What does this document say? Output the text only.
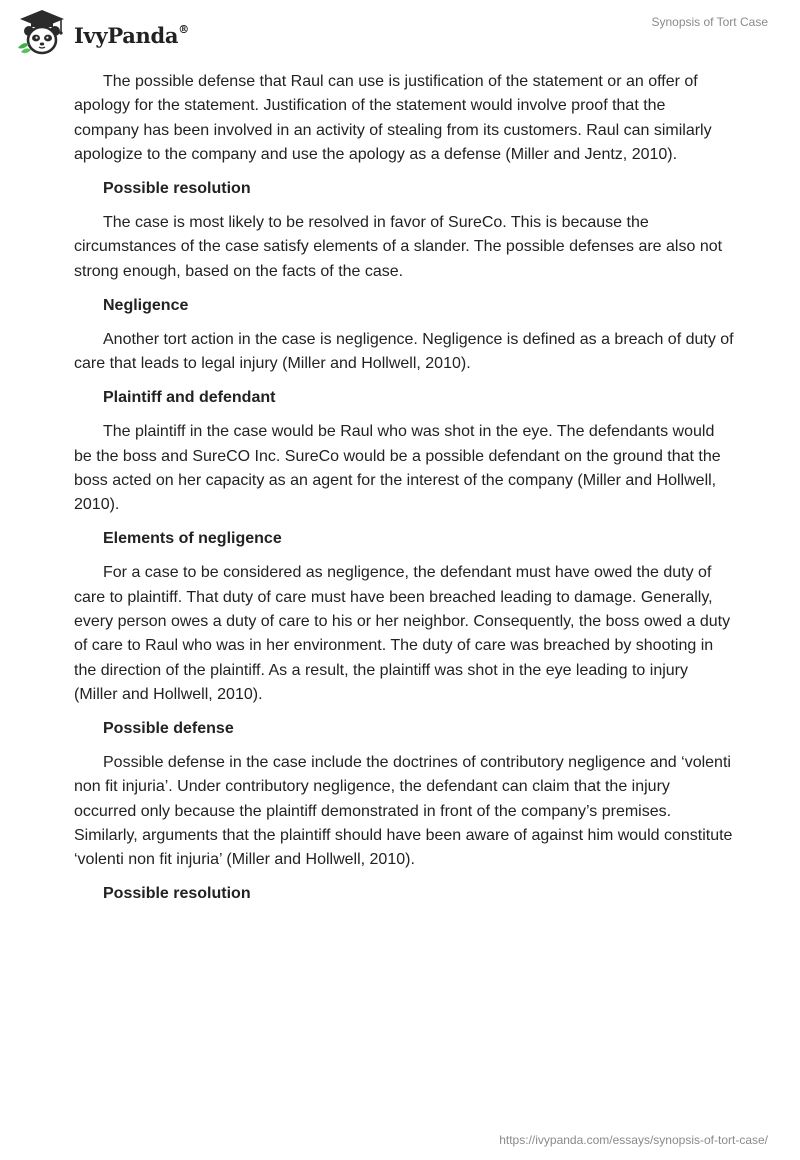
IvyPanda®	Synopsis of Tort Case

The possible defense that Raul can use is justification of the statement or an offer of apology for the statement. Justification of the statement would involve proof that the company has been involved in an activity of stealing from its customers. Raul can similarly apologize to the company and use the apology as a defense (Miller and Jentz, 2010).

Possible resolution

The case is most likely to be resolved in favor of SureCo. This is because the circumstances of the case satisfy elements of a slander. The possible defenses are also not strong enough, based on the facts of the case.

Negligence

Another tort action in the case is negligence. Negligence is defined as a breach of duty of care that leads to legal injury (Miller and Hollwell, 2010).

Plaintiff and defendant

The plaintiff in the case would be Raul who was shot in the eye. The defendants would be the boss and SureCO Inc. SureCo would be a possible defendant on the ground that the boss acted on her capacity as an agent for the interest of the company (Miller and Hollwell, 2010).

Elements of negligence

For a case to be considered as negligence, the defendant must have owed the duty of care to plaintiff. That duty of care must have been breached leading to damage. Generally, every person owes a duty of care to his or her neighbor. Consequently, the boss owed a duty of care to Raul who was in her environment. The duty of care was breached by shooting in the direction of the plaintiff. As a result, the plaintiff was shot in the eye leading to injury (Miller and Hollwell, 2010).

Possible defense

Possible defense in the case include the doctrines of contributory negligence and ‘volenti non fit injuria’. Under contributory negligence, the defendant can claim that the injury occurred only because the plaintiff demonstrated in front of the company’s premises. Similarly, arguments that the plaintiff should have been aware of against him would constitute ‘volenti non fit injuria’ (Miller and Hollwell, 2010).

Possible resolution
https://ivypanda.com/essays/synopsis-of-tort-case/
